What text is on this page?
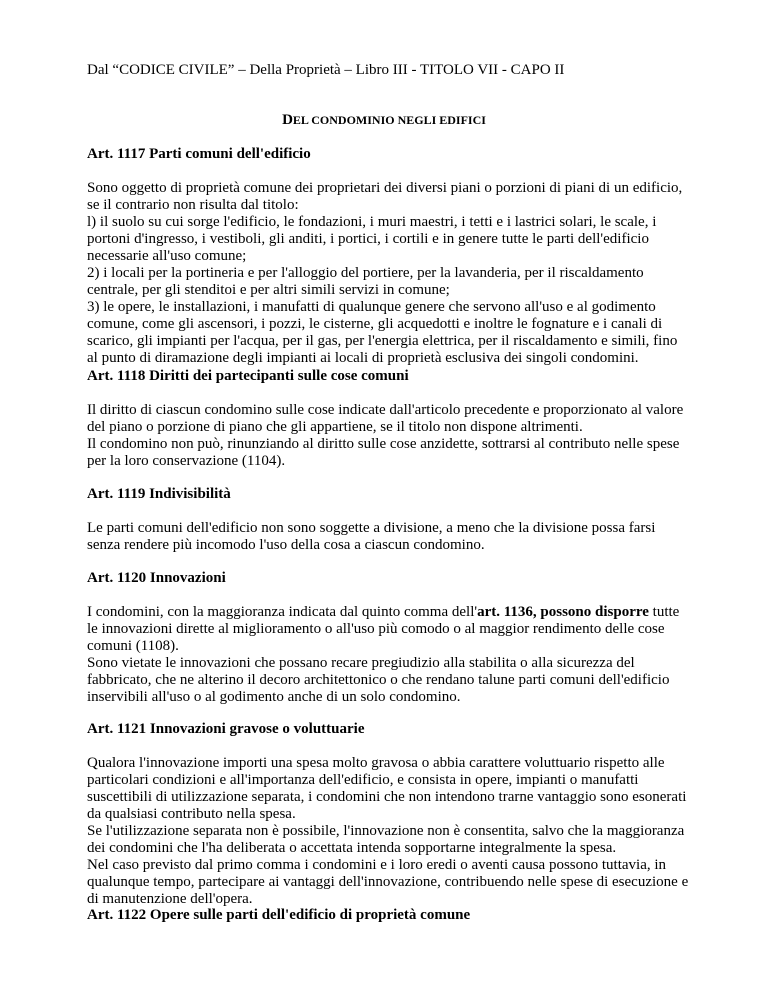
Dal “CODICE CIVILE” – Della Proprietà – Libro III - TITOLO VII - CAPO II
DEL CONDOMINIO NEGLI EDIFICI

Art. 1117 Parti comuni dell'edificio

Sono oggetto di proprietà comune dei proprietari dei diversi piani o porzioni di piani di un edificio,
se il contrario non risulta dal titolo:
l) il suolo su cui sorge l'edificio, le fondazioni, i muri maestri, i tetti e i lastrici solari, le scale, i
portoni d'ingresso, i vestiboli, gli anditi, i portici, i cortili e in genere tutte le parti dell'edificio
necessarie all'uso comune;
2) i locali per la portineria e per l'alloggio del portiere, per la lavanderia, per il riscaldamento
centrale, per gli stenditoi e per altri simili servizi in comune;
3) le opere, le installazioni, i manufatti di qualunque genere che servono all'uso e al godimento
comune, come gli ascensori, i pozzi, le cisterne, gli acquedotti e inoltre le fognature e i canali di
scarico, gli impianti per l'acqua, per il gas, per l'energia elettrica, per il riscaldamento e simili, fino
al punto di diramazione degli impianti ai locali di proprietà esclusiva dei singoli condomini.

Art. 1118 Diritti dei partecipanti sulle cose comuni

Il diritto di ciascun condomino sulle cose indicate dall'articolo precedente e proporzionato al valore
del piano o porzione di piano che gli appartiene, se il titolo non dispone altrimenti.
Il condomino non può, rinunziando al diritto sulle cose anzidette, sottrarsi al contributo nelle spese
per la loro conservazione (1104).

Art. 1119 Indivisibilità

Le parti comuni dell'edificio non sono soggette a divisione, a meno che la divisione possa farsi
senza rendere più incomodo l'uso della cosa a ciascun condomino.

Art. 1120 Innovazioni

I condomini, con la maggioranza indicata dal quinto comma dell'art. 1136, possono disporre tutte
le innovazioni dirette al miglioramento o all'uso più comodo o al maggior rendimento delle cose
comuni (1108).
Sono vietate le innovazioni che possano recare pregiudizio alla stabilita o alla sicurezza del
fabbricato, che ne alterino il decoro architettonico o che rendano talune parti comuni dell'edificio
inservibili all'uso o al godimento anche di un solo condomino.

Art. 1121 Innovazioni gravose o voluttuarie

Qualora l'innovazione importi una spesa molto gravosa o abbia carattere voluttuario rispetto alle
particolari condizioni e all'importanza dell'edificio, e consista in opere, impianti o manufatti
suscettibili di utilizzazione separata, i condomini che non intendono trarne vantaggio sono esonerati
da qualsiasi contributo nella spesa.
Se l'utilizzazione separata non è possibile, l'innovazione non è consentita, salvo che la maggioranza
dei condomini che l'ha deliberata o accettata intenda sopportarne integralmente la spesa.
Nel caso previsto dal primo comma i condomini e i loro eredi o aventi causa possono tuttavia, in
qualunque tempo, partecipare ai vantaggi dell'innovazione, contribuendo nelle spese di esecuzione e
di manutenzione dell'opera.

Art. 1122 Opere sulle parti dell'edificio di proprietà comune
